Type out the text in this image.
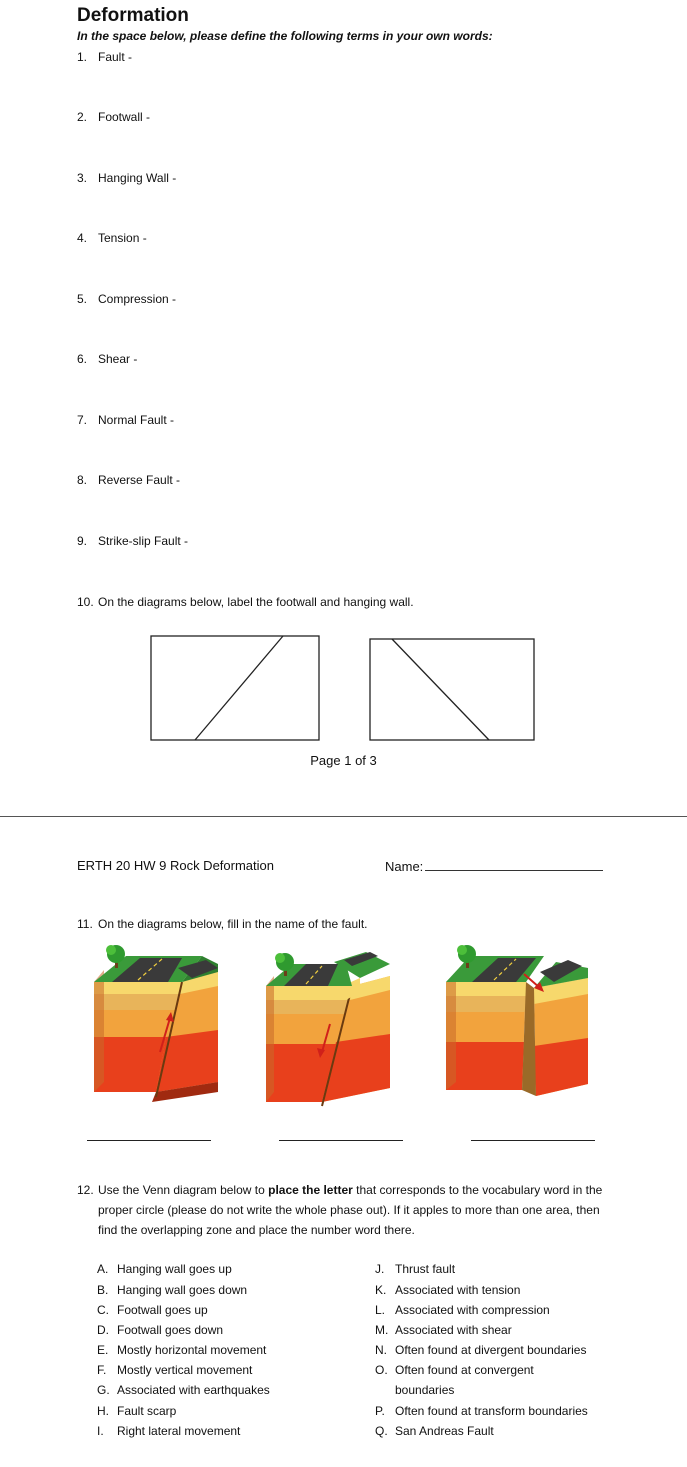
Deformation
In the space below, please define the following terms in your own words:
1. Fault -
2. Footwall -
3. Hanging Wall -
4. Tension -
5. Compression -
6. Shear -
7. Normal Fault -
8. Reverse Fault -
9. Strike-slip Fault -
10. On the diagrams below, label the footwall and hanging wall.
Page 1 of 3
ERTH 20 HW 9 Rock Deformation	Name:
11. On the diagrams below, fill in the name of the fault.
12. Use the Venn diagram below to place the letter that corresponds to the vocabulary word in the proper circle (please do not write the whole phase out). If it apples to more than one area, then find the overlapping zone and place the number word there.
A. Hanging wall goes up
B. Hanging wall goes down
C. Footwall goes up
D. Footwall goes down
E. Mostly horizontal movement
F. Mostly vertical movement
G. Associated with earthquakes
H. Fault scarp
I. Right lateral movement
J. Thrust fault
K. Associated with tension
L. Associated with compression
M. Associated with shear
N. Often found at divergent boundaries
O. Often found at convergent
boundaries
P. Often found at transform boundaries
Q. San Andreas Fault
